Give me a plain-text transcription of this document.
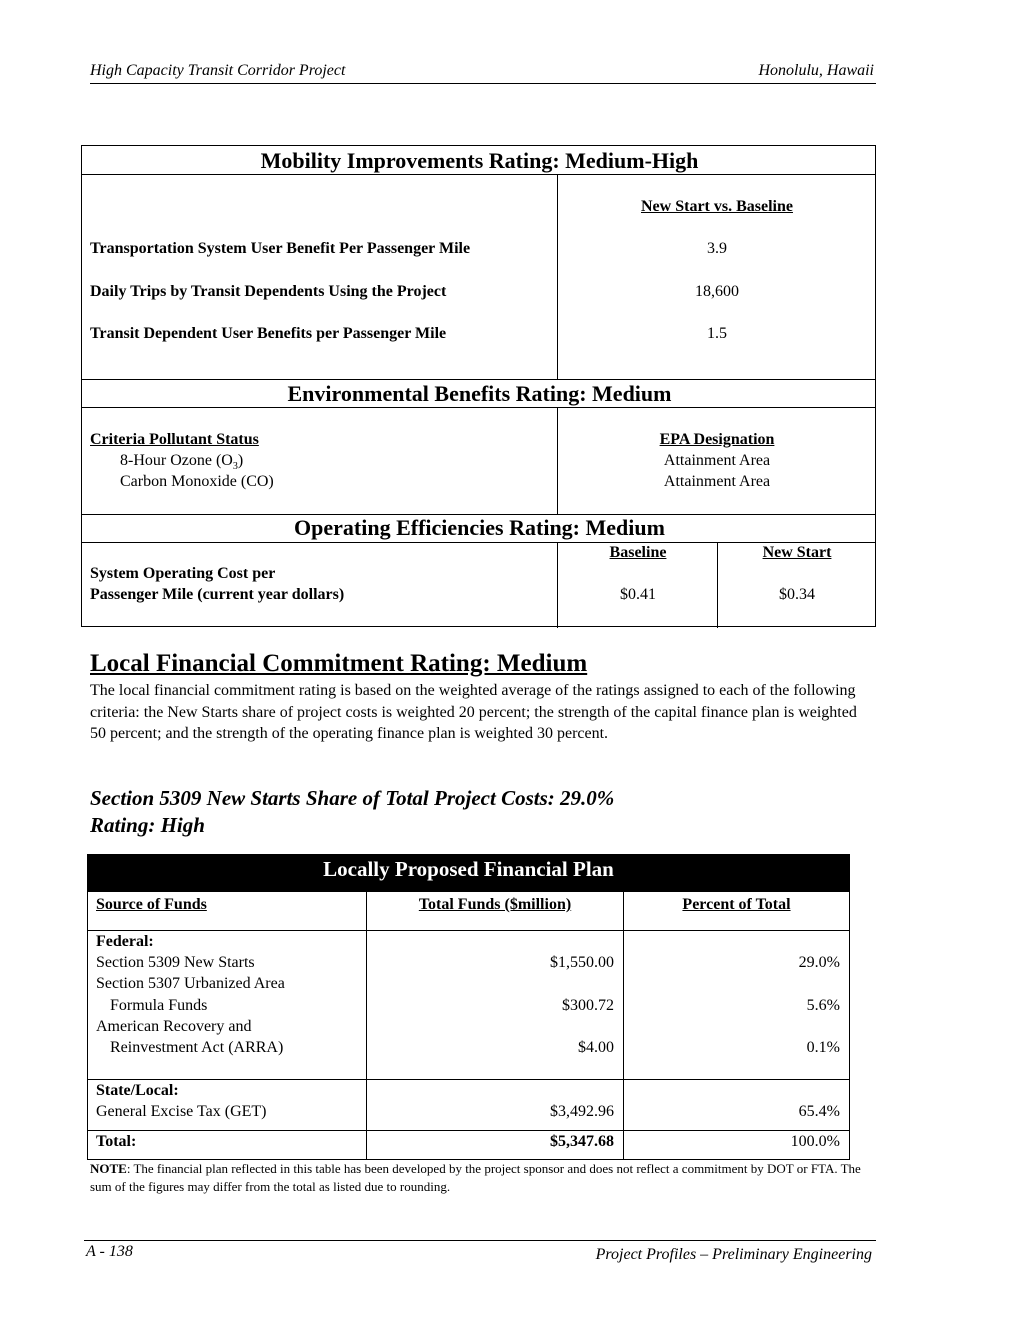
High Capacity Transit Corridor Project	Honolulu, Hawaii
Mobility Improvements Rating: Medium-High
New Start vs. Baseline
Transportation System User Benefit Per Passenger Mile	3.9
Daily Trips by Transit Dependents Using the Project	18,600
Transit Dependent User Benefits per Passenger Mile	1.5
Environmental Benefits Rating: Medium
Criteria Pollutant Status	EPA Designation
8-Hour Ozone $(O_3)$	Attainment Area
Carbon Monoxide (CO)	Attainment Area
Operating Efficiencies Rating: Medium
Baseline	New Start
System Operating Cost per
Passenger Mile (current year dollars)	$0.41	$0.34
Local Financial Commitment Rating: Medium
The local financial commitment rating is based on the weighted average of the ratings assigned to each of the following criteria: the New Starts share of project costs is weighted 20 percent; the strength of the capital finance plan is weighted 50 percent; and the strength of the operating finance plan is weighted 30 percent.
Section 5309 New Starts Share of Total Project Costs: 29.0%
Rating: High
Locally Proposed Financial Plan
Source of Funds	Total Funds ($million)	Percent of Total
Federal:
Section 5309 New Starts	$1,550.00	29.0%
Section 5307 Urbanized Area
Formula Funds	$300.72	5.6%
American Recovery and
Reinvestment Act (ARRA)	$4.00	0.1%
State/Local:
General Excise Tax (GET)	$3,492.96	65.4%
Total:	$5,347.68	100.0%
NOTE: The financial plan reflected in this table has been developed by the project sponsor and does not reflect a commitment by DOT or FTA. The sum of the figures may differ from the total as listed due to rounding.
A - 138	Project Profiles – Preliminary Engineering
